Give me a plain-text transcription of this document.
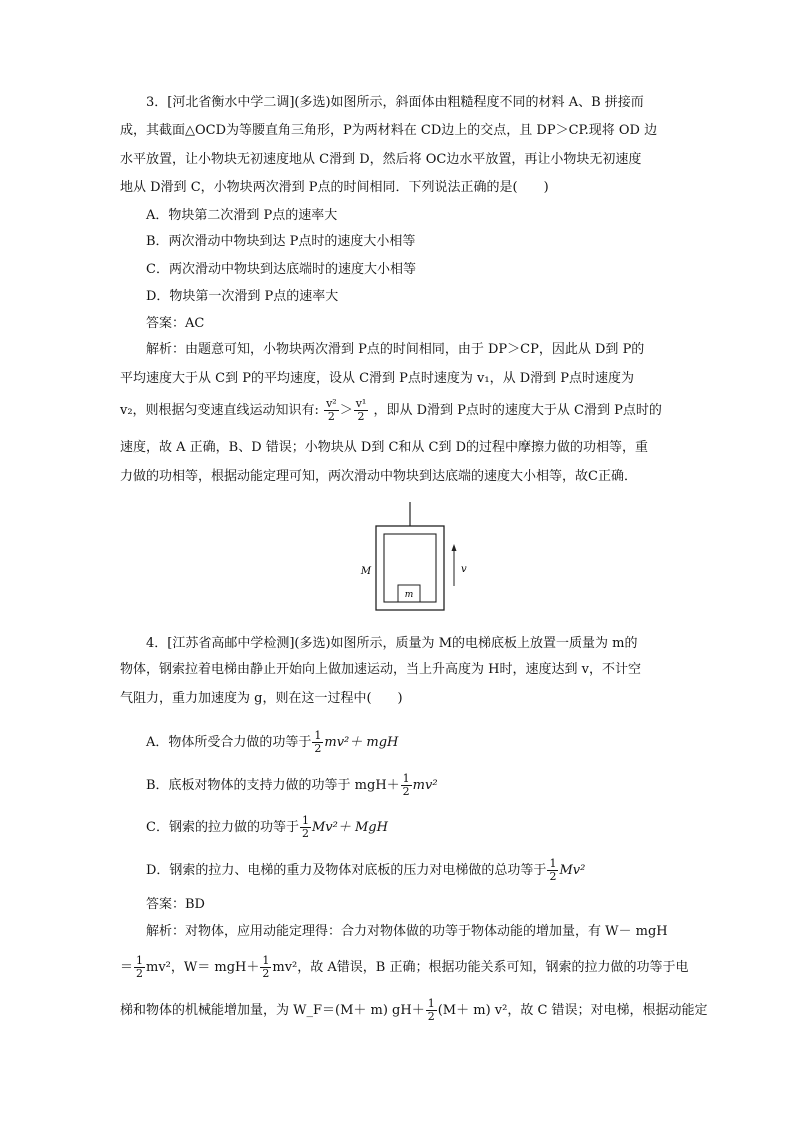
3．[河北省衡水中学二调](多选)如图所示，斜面体由粗糙程度不同的材料 A、B 拼接而
成，其截面△OCD为等腰直角三角形，P为两材料在 CD边上的交点，且 DP＞CP.现将 OD 边
水平放置，让小物块无初速度地从 C滑到 D，然后将 OC边水平放置，再让小物块无初速度
地从 D滑到 C，小物块两次滑到 P点的时间相同．下列说法正确的是(　　)
A．物块第二次滑到 P点的速率大
B．两次滑动中物块到达 P点时的速度大小相等
C．两次滑动中物块到达底端时的速度大小相等
D．物块第一次滑到 P点的速率大
答案：AC
解析：由题意可知，小物块两次滑到 P点的时间相同，由于 DP＞CP，因此从 D到 P的
平均速度大于从 C到 P的平均速度，设从 C滑到 P点时速度为 v₁，从 D滑到 P点时速度为
v₂，则根据匀变速直线运动知识有: $\frac{\text{v²}}{2} > \frac{\text{v¹}}{2}$ ，即从 D滑到 P点时的速度大于从 C滑到 P点时的
速度，故 A 正确，B、D 错误；小物块从 D到 C和从 C到 D的过程中摩擦力做的功相等，重
力做的功相等，根据动能定理可知，两次滑动中物块到达底端的速度大小相等，故C正确．
m
M	v
4．[江苏省高邮中学检测](多选)如图所示，质量为 M的电梯底板上放置一质量为 m的
物体，钢索拉着电梯由静止开始向上做加速运动，当上升高度为 H时，速度达到 v，不计空
气阻力，重力加速度为 g，则在这一过程中(　　)
A．物体所受合力做的功等于 $\frac{1}{2} mv^2+$ mgH
B．底板对物体的支持力做的功等于 $mgH+ \frac{1}{2} mv^2$
C．钢索的拉力做的功等于 $\frac{1}{2} Mv^2+$ MgH
D．钢索的拉力、电梯的重力及物体对底板的压力对电梯做的总功等于 $\frac{1}{2} Mv^2$
答案：BD
解析：对物体，应用动能定理得：合力对物体做的功等于物体动能的增加量，有 W－ mgH
＝ $\frac{1}{2} mv^2$，$W= mgH+ \frac{1}{2} mv^2$，故 A错误，B 正确；根据功能关系可知，钢索的拉力做的功等于电
梯和物体的机械能增加量，为 W_F＝(M＋ m) $gH+ \frac{1}{2} (M+ m)$ v²，故 C 错误；对电梯，根据动能定
